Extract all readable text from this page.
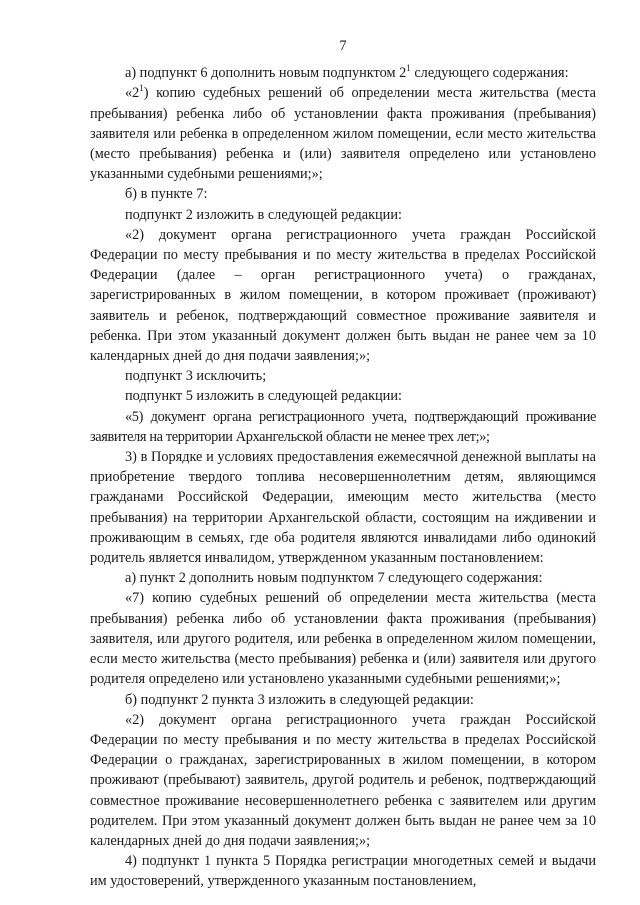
7

а) подпункт 6 дополнить новым подпунктом $2^1$ следующего содержания:

«$2^1$) копию судебных решений об определении места жительства (места пребывания) ребенка либо об установлении факта проживания (пребывания) заявителя или ребенка в определенном жилом помещении, если место жительства (место пребывания) ребенка и (или) заявителя определено или установлено указанными судебными решениями;»;

б) в пункте 7:

подпункт 2 изложить в следующей редакции:

«2) документ органа регистрационного учета граждан Российской Федерации по месту пребывания и по месту жительства в пределах Российской Федерации (далее – орган регистрационного учета) о гражданах, зарегистрированных в жилом помещении, в котором проживает (проживают) заявитель и ребенок, подтверждающий совместное проживание заявителя и ребенка. При этом указанный документ должен быть выдан не ранее чем за 10 календарных дней до дня подачи заявления;»;

подпункт 3 исключить;

подпункт 5 изложить в следующей редакции:

«5) документ органа регистрационного учета, подтверждающий проживание заявителя на территории Архангельской области не менее трех лет;»;

3) в Порядке и условиях предоставления ежемесячной денежной выплаты на приобретение твердого топлива несовершеннолетним детям, являющимся гражданами Российской Федерации, имеющим место жительства (место пребывания) на территории Архангельской области, состоящим на иждивении и проживающим в семьях, где оба родителя являются инвалидами либо одинокий родитель является инвалидом, утвержденном указанным постановлением:

а) пункт 2 дополнить новым подпунктом 7 следующего содержания:

«7) копию судебных решений об определении места жительства (места пребывания) ребенка либо об установлении факта проживания (пребывания) заявителя, или другого родителя, или ребенка в определенном жилом помещении, если место жительства (место пребывания) ребенка и (или) заявителя или другого родителя определено или установлено указанными судебными решениями;»;

б) подпункт 2 пункта 3 изложить в следующей редакции:

«2) документ органа регистрационного учета граждан Российской Федерации по месту пребывания и по месту жительства в пределах Российской Федерации о гражданах, зарегистрированных в жилом помещении, в котором проживают (пребывают) заявитель, другой родитель и ребенок, подтверждающий совместное проживание несовершеннолетнего ребенка с заявителем или другим родителем. При этом указанный документ должен быть выдан не ранее чем за 10 календарных дней до дня подачи заявления;»;

4) подпункт 1 пункта 5 Порядка регистрации многодетных семей и выдачи им удостоверений, утвержденного указанным постановлением,
